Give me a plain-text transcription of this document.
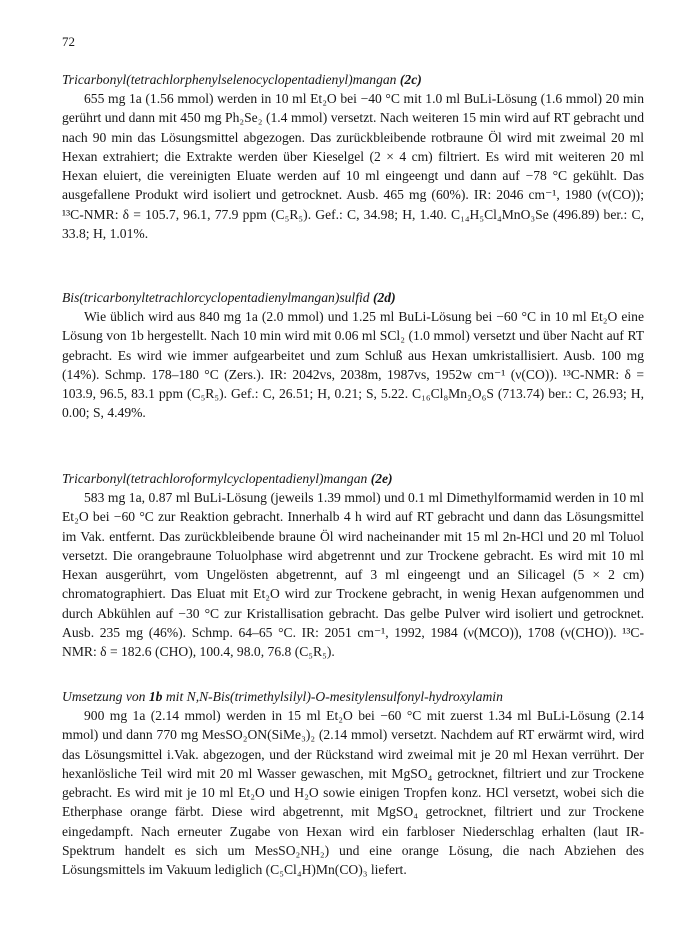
72
Tricarbonyl(tetrachlorphenylselenocyclopentadienyl)mangan (2c)

655 mg 1a (1.56 mmol) werden in 10 ml Et₂O bei −40 °C mit 1.0 ml BuLi-Lösung (1.6 mmol) 20 min gerührt und dann mit 450 mg Ph₂Se₂ (1.4 mmol) versetzt. Nach weiteren 15 min wird auf RT gebracht und nach 90 min das Lösungsmittel abgezogen. Das zurückbleibende rotbraune Öl wird mit zweimal 20 ml Hexan extrahiert; die Extrakte werden über Kieselgel (2 × 4 cm) filtriert. Es wird mit weiteren 20 ml Hexan eluiert, die vereinigten Eluate werden auf 10 ml eingeengt und dann auf −78 °C gekühlt. Das ausgefallene Produkt wird isoliert und getrocknet. Ausb. 465 mg (60%). IR: 2046 cm⁻¹, 1980 (ν(CO)); ¹³C-NMR: δ = 105.7, 96.1, 77.9 ppm (C₅R₅). Gef.: C, 34.98; H, 1.40. C₁₄H₅Cl₄MnO₃Se (496.89) ber.: C, 33.8; H, 1.01%.

Bis(tricarbonyltetrachlorcyclopentadienylmangan)sulfid (2d)

Wie üblich wird aus 840 mg 1a (2.0 mmol) und 1.25 ml BuLi-Lösung bei −60 °C in 10 ml Et₂O eine Lösung von 1b hergestellt. Nach 10 min wird mit 0.06 ml SCl₂ (1.0 mmol) versetzt und über Nacht auf RT gebracht. Es wird wie immer aufgearbeitet und zum Schluß aus Hexan umkristallisiert. Ausb. 100 mg (14%). Schmp. 178–180 °C (Zers.). IR: 2042vs, 2038m, 1987vs, 1952w cm⁻¹ (ν(CO)). ¹³C-NMR: δ = 103.9, 96.5, 83.1 ppm (C₅R₅). Gef.: C, 26.51; H, 0.21; S, 5.22. C₁₆Cl₈Mn₂O₆S (713.74) ber.: C, 26.93; H, 0.00; S, 4.49%.

Tricarbonyl(tetrachloroformylcyclopentadienyl)mangan (2e)

583 mg 1a, 0.87 ml BuLi-Lösung (jeweils 1.39 mmol) und 0.1 ml Dimethylformamid werden in 10 ml Et₂O bei −60 °C zur Reaktion gebracht. Innerhalb 4 h wird auf RT gebracht und dann das Lösungsmittel im Vak. entfernt. Das zurückbleibende braune Öl wird nacheinander mit 15 ml 2n-HCl und 20 ml Toluol versetzt. Die orangebraune Toluolphase wird abgetrennt und zur Trockene gebracht. Es wird mit 10 ml Hexan ausgerührt, vom Ungelösten abgetrennt, auf 3 ml eingeengt und an Silicagel (5 × 2 cm) chromatographiert. Das Eluat mit Et₂O wird zur Trockene gebracht, in wenig Hexan aufgenommen und durch Abkühlen auf −30 °C zur Kristallisation gebracht. Das gelbe Pulver wird isoliert und getrocknet. Ausb. 235 mg (46%). Schmp. 64–65 °C. IR: 2051 cm⁻¹, 1992, 1984 (ν(MCO)), 1708 (ν(CHO)). ¹³C-NMR: δ = 182.6 (CHO), 100.4, 98.0, 76.8 (C₅R₅).

Umsetzung von 1b mit N,N-Bis(trimethylsilyl)-O-mesitylensulfonyl-hydroxylamin

900 mg 1a (2.14 mmol) werden in 15 ml Et₂O bei −60 °C mit zuerst 1.34 ml BuLi-Lösung (2.14 mmol) und dann 770 mg MesSO₂ON(SiMe₃)₂ (2.14 mmol) versetzt. Nachdem auf RT erwärmt wird, wird das Lösungsmittel i.Vak. abgezogen, und der Rückstand wird zweimal mit je 20 ml Hexan verrührt. Der hexanlösliche Teil wird mit 20 ml Wasser gewaschen, mit MgSO₄ getrocknet, filtriert und zur Trockene gebracht. Es wird mit je 10 ml Et₂O und H₂O sowie einigen Tropfen konz. HCl versetzt, wobei sich die Etherphase orange färbt. Diese wird abgetrennt, mit MgSO₄ getrocknet, filtriert und zur Trockene eingedampft. Nach erneuter Zugabe von Hexan wird ein farbloser Niederschlag erhalten (laut IR-Spektrum handelt es sich um MesSO₂NH₂) und eine orange Lösung, die nach Abziehen des Lösungsmittels im Vakuum lediglich (C₅Cl₄H)Mn(CO)₃ liefert.
